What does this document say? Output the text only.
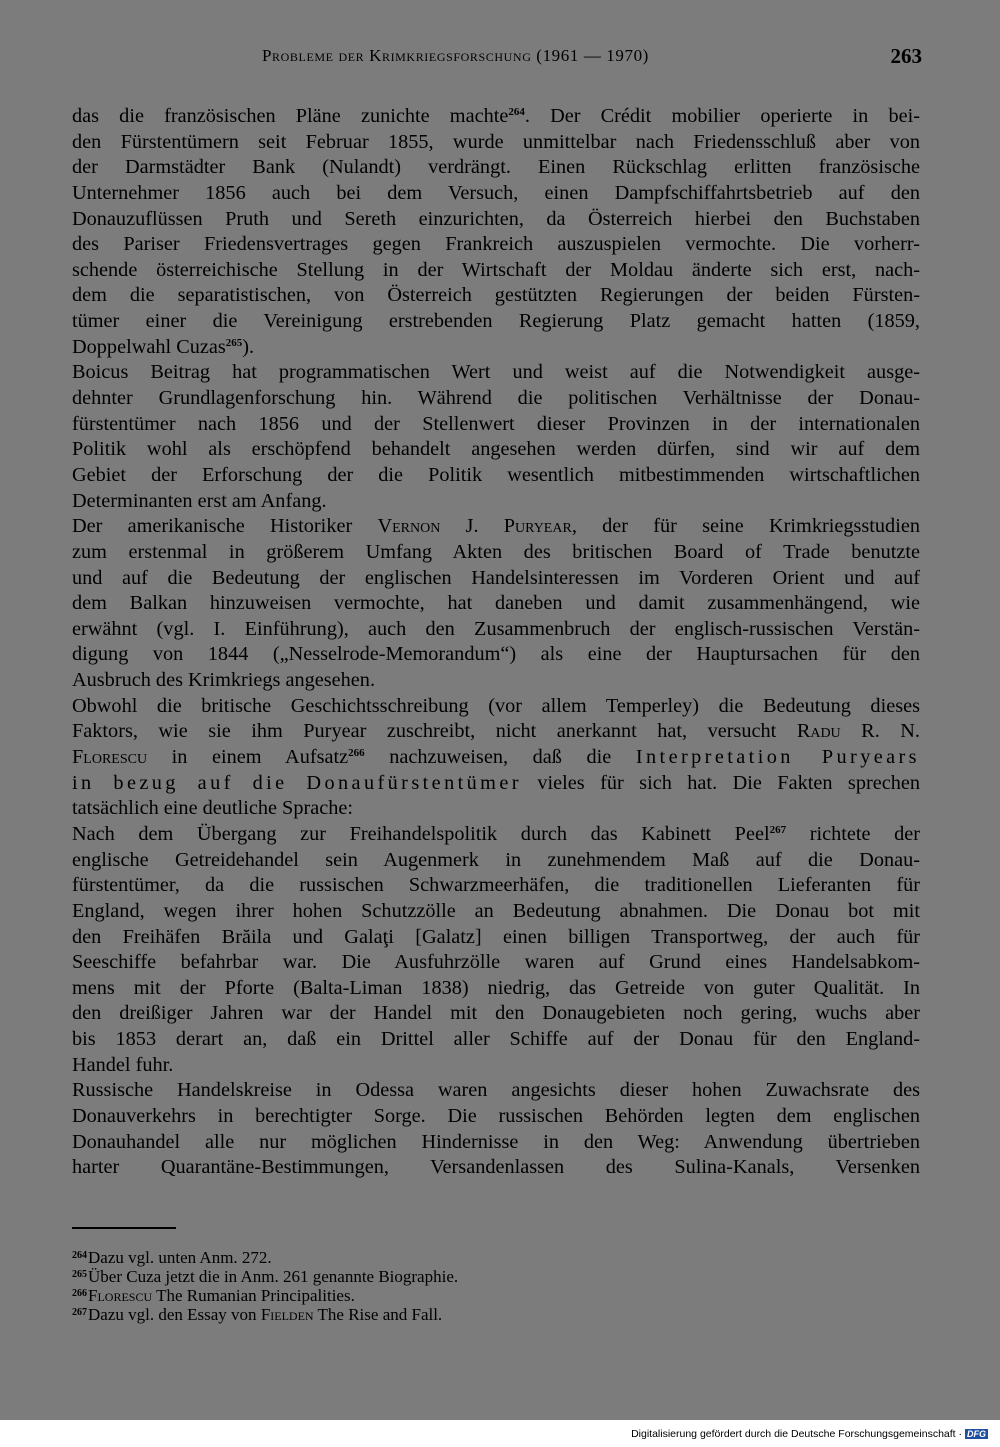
Probleme der Krimkriegsforschung (1961 — 1970)	263
das die französischen Pläne zunichte machte$^{264}$. Der Crédit mobilier operierte in bei-
den Fürstentümern seit Februar 1855, wurde unmittelbar nach Friedensschluß aber von
der Darmstädter Bank (Nulandt) verdrängt. Einen Rückschlag erlitten französische
Unternehmer 1856 auch bei dem Versuch, einen Dampfschiffahrtsbetrieb auf den
Donauzuflüssen Pruth und Sereth einzurichten, da Österreich hierbei den Buchstaben
des Pariser Friedensvertrages gegen Frankreich auszuspielen vermochte. Die vorherr-
schende österreichische Stellung in der Wirtschaft der Moldau änderte sich erst, nach-
dem die separatistischen, von Österreich gestützten Regierungen der beiden Fürsten-
tümer einer die Vereinigung erstrebenden Regierung Platz gemacht hatten (1859,
Doppelwahl Cuzas$^{265}$).
Boicus Beitrag hat programmatischen Wert und weist auf die Notwendigkeit ausge-
dehnter Grundlagenforschung hin. Während die politischen Verhältnisse der Donau-
fürstentümer nach 1856 und der Stellenwert dieser Provinzen in der internationalen
Politik wohl als erschöpfend behandelt angesehen werden dürfen, sind wir auf dem
Gebiet der Erforschung der die Politik wesentlich mitbestimmenden wirtschaftlichen
Determinanten erst am Anfang.
Der amerikanische Historiker Vernon J. Puryear, der für seine Krimkriegsstudien
zum erstenmal in größerem Umfang Akten des britischen Board of Trade benutzte
und auf die Bedeutung der englischen Handelsinteressen im Vorderen Orient und auf
dem Balkan hinzuweisen vermochte, hat daneben und damit zusammenhängend, wie
erwähnt (vgl. I. Einführung), auch den Zusammenbruch der englisch-russischen Verstän-
digung von 1844 („Nesselrode-Memorandum“) als eine der Hauptursachen für den
Ausbruch des Krimkriegs angesehen.
Obwohl die britische Geschichtsschreibung (vor allem Temperley) die Bedeutung dieses
Faktors, wie sie ihm Puryear zuschreibt, nicht anerkannt hat, versucht Radu R. N.
Florescu in einem Aufsatz$^{266}$ nachzuweisen, daß die Interpretation Puryears
in bezug auf die Donaufürstentümer vieles für sich hat. Die Fakten sprechen
tatsächlich eine deutliche Sprache:
Nach dem Übergang zur Freihandelspolitik durch das Kabinett Peel$^{267}$ richtete der
englische Getreidehandel sein Augenmerk in zunehmendem Maß auf die Donau-
fürstentümer, da die russischen Schwarzmeerhäfen, die traditionellen Lieferanten für
England, wegen ihrer hohen Schutzzölle an Bedeutung abnahmen. Die Donau bot mit
den Freihäfen Brăila und Galaţi [Galatz] einen billigen Transportweg, der auch für
Seeschiffe befahrbar war. Die Ausfuhrzölle waren auf Grund eines Handelsabkom-
mens mit der Pforte (Balta-Liman 1838) niedrig, das Getreide von guter Qualität. In
den dreißiger Jahren war der Handel mit den Donaugebieten noch gering, wuchs aber
bis 1853 derart an, daß ein Drittel aller Schiffe auf der Donau für den England-
Handel fuhr.
Russische Handelskreise in Odessa waren angesichts dieser hohen Zuwachsrate des
Donauverkehrs in berechtigter Sorge. Die russischen Behörden legten dem englischen
Donauhandel alle nur möglichen Hindernisse in den Weg: Anwendung übertrieben
harter Quarantäne-Bestimmungen, Versandenlassen des Sulina-Kanals, Versenken
264Dazu vgl. unten Anm. 272.
265Über Cuza jetzt die in Anm. 261 genannte Biographie.
266Florescu The Rumanian Principalities.
267Dazu vgl. den Essay von Fielden The Rise and Fall.
Digitalisierung gefördert durch die Deutsche Forschungsgemeinschaft · DFG
